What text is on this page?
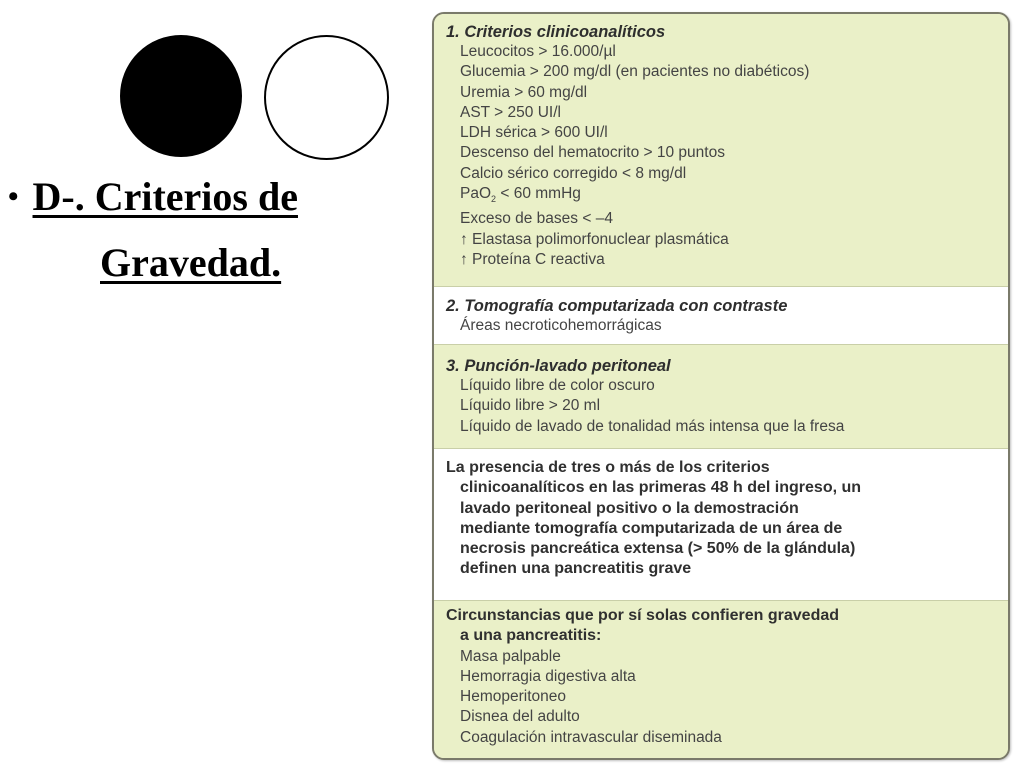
• D-. Criterios de
Gravedad.
1. Criterios clinicoanalíticos
Leucocitos > 16.000/µl
Glucemia > 200 mg/dl (en pacientes no diabéticos)
Uremia > 60 mg/dl
AST > 250 UI/l
LDH sérica > 600 UI/l
Descenso del hematocrito > 10 puntos
Calcio sérico corregido < 8 mg/dl
PaO$_2$ < 60 mmHg
Exceso de bases < –4
↑ Elastasa polimorfonuclear plasmática
↑ Proteína C reactiva
2. Tomografía computarizada con contraste
Áreas necroticohemorrágicas
3. Punción-lavado peritoneal
Líquido libre de color oscuro
Líquido libre > 20 ml
Líquido de lavado de tonalidad más intensa que la fresa
La presencia de tres o más de los criterios
clinicoanalíticos en las primeras 48 h del ingreso, un
lavado peritoneal positivo o la demostración
mediante tomografía computarizada de un área de
necrosis pancreática extensa (> 50% de la glándula)
definen una pancreatitis grave
Circunstancias que por sí solas confieren gravedad
a una pancreatitis:
Masa palpable
Hemorragia digestiva alta
Hemoperitoneo
Disnea del adulto
Coagulación intravascular diseminada
